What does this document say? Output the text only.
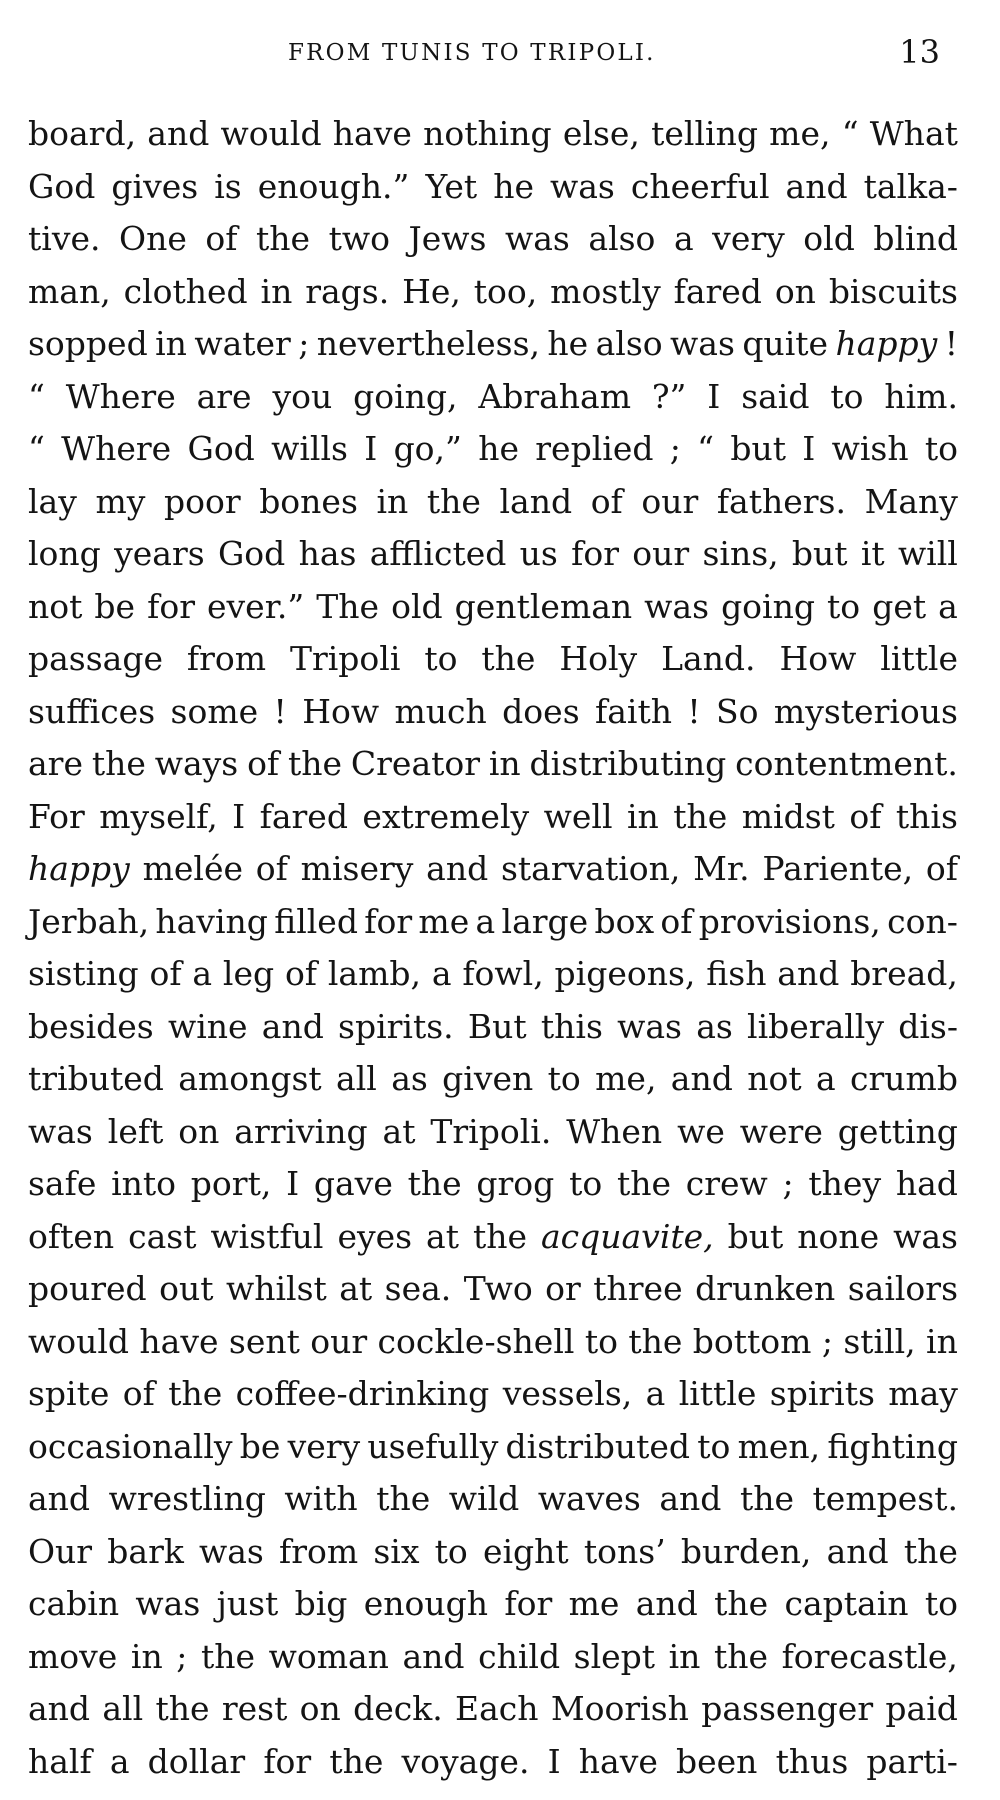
FROM TUNIS TO TRIPOLI.	13
board, and would have nothing else, telling me, “ What
God gives is enough.” Yet he was cheerful and talka-
tive. One of the two Jews was also a very old blind
man, clothed in rags. He, too, mostly fared on biscuits
sopped in water ; nevertheless, he also was quite happy !
“ Where are you going, Abraham ?” I said to him.
“ Where God wills I go,” he replied ; “ but I wish to
lay my poor bones in the land of our fathers. Many
long years God has afflicted us for our sins, but it will
not be for ever.” The old gentleman was going to get a
passage from Tripoli to the Holy Land. How little
suffices some ! How much does faith ! So mysterious
are the ways of the Creator in distributing contentment.
For myself, I fared extremely well in the midst of this
happy melée of misery and starvation, Mr. Pariente, of
Jerbah, having filled for me a large box of provisions, con-
sisting of a leg of lamb, a fowl, pigeons, fish and bread,
besides wine and spirits. But this was as liberally dis-
tributed amongst all as given to me, and not a crumb
was left on arriving at Tripoli. When we were getting
safe into port, I gave the grog to the crew ; they had
often cast wistful eyes at the acquavite, but none was
poured out whilst at sea. Two or three drunken sailors
would have sent our cockle-shell to the bottom ; still, in
spite of the coffee-drinking vessels, a little spirits may
occasionally be very usefully distributed to men, fighting
and wrestling with the wild waves and the tempest.
Our bark was from six to eight tons’ burden, and the
cabin was just big enough for me and the captain to
move in ; the woman and child slept in the forecastle,
and all the rest on deck. Each Moorish passenger paid
half a dollar for the voyage. I have been thus parti-
